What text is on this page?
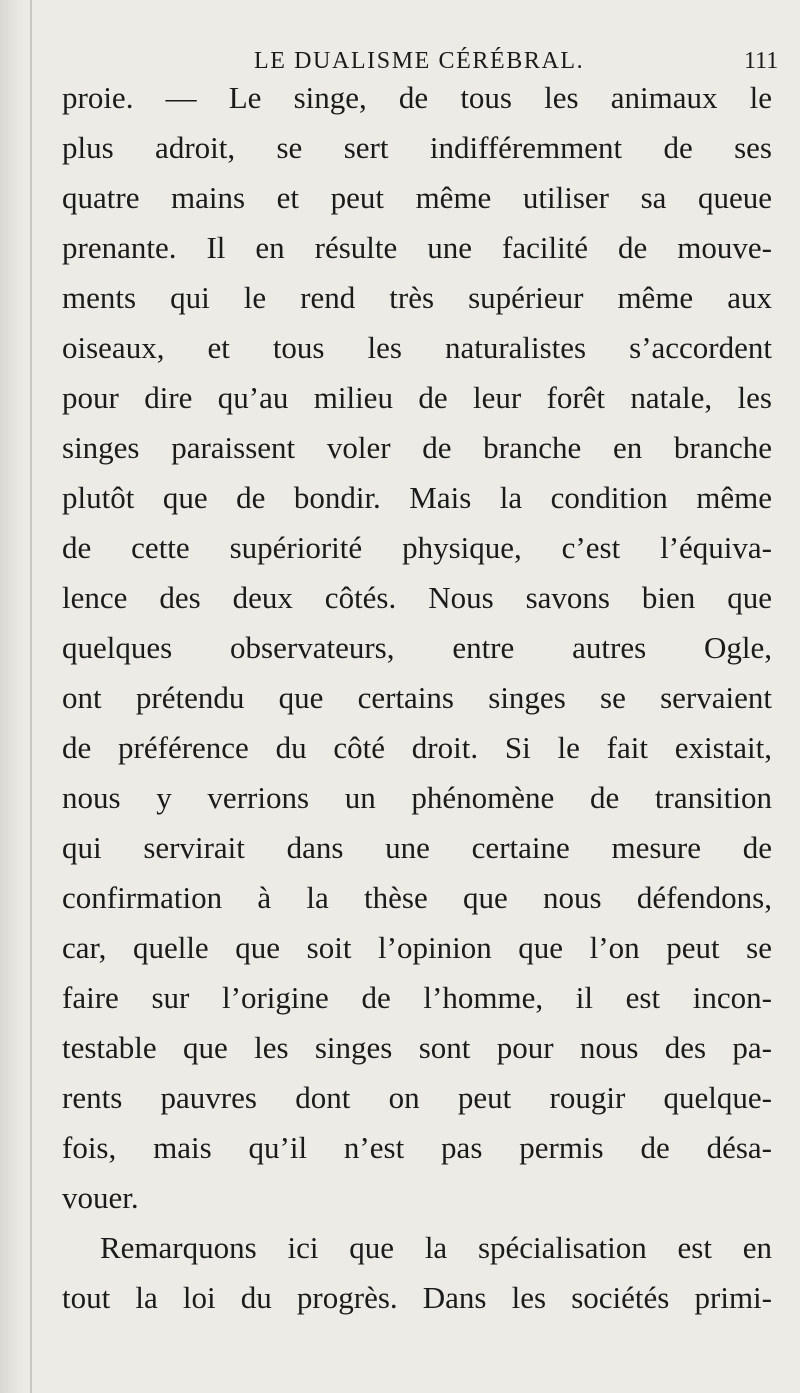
LE DUALISME CÉRÉBRAL.	111
proie. — Le singe, de tous les animaux le
plus adroit, se sert indifféremment de ses
quatre mains et peut même utiliser sa queue
prenante. Il en résulte une facilité de mouve-
ments qui le rend très supérieur même aux
oiseaux, et tous les naturalistes s’accordent
pour dire qu’au milieu de leur forêt natale, les
singes paraissent voler de branche en branche
plutôt que de bondir. Mais la condition même
de cette supériorité physique, c’est l’équiva-
lence des deux côtés. Nous savons bien que
quelques observateurs, entre autres Ogle,
ont prétendu que certains singes se servaient
de préférence du côté droit. Si le fait existait,
nous y verrions un phénomène de transition
qui servirait dans une certaine mesure de
confirmation à la thèse que nous défendons,
car, quelle que soit l’opinion que l’on peut se
faire sur l’origine de l’homme, il est incon-
testable que les singes sont pour nous des pa-
rents pauvres dont on peut rougir quelque-
fois, mais qu’il n’est pas permis de désa-
vouer.
Remarquons ici que la spécialisation est en
tout la loi du progrès. Dans les sociétés primi-
